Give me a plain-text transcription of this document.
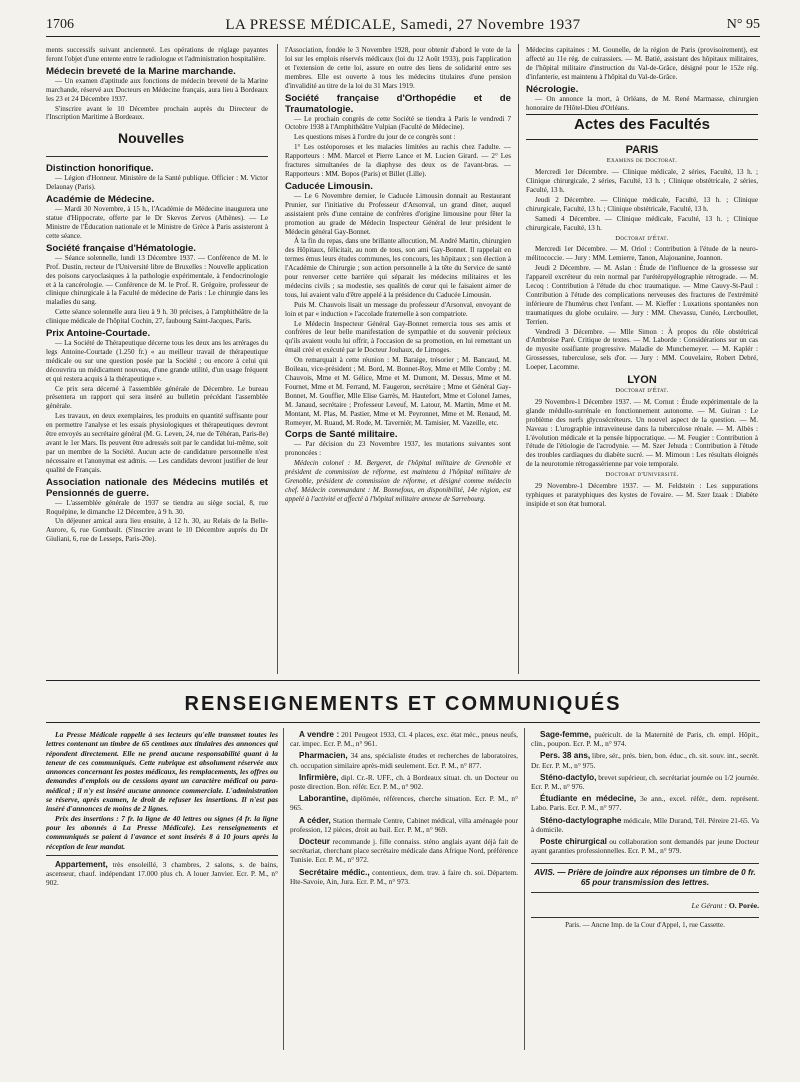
1706	LA PRESSE MÉDICALE, Samedi, 27 Novembre 1937	N° 95

ments successifs suivant ancienneté. Les opérations de réglage payantes feront l'objet d'une entente entre le radiologue et l'administration hospitalière.

Médecin breveté de la Marine marchande.

— Un examen d'aptitude aux fonctions de médecin breveté de la Marine marchande, réservé aux Docteurs en Médecine français, aura lieu à Bordeaux les 23 et 24 Décembre 1937.

S'inscrire avant le 10 Décembre prochain auprès du Directeur de l'Inscription Maritime à Bordeaux.

Nouvelles
Distinction honorifique.

— Légion d'Honneur. Ministère de la Santé publique. Officier : M. Victor Delaunay (Paris).

Académie de Médecine.

— Mardi 30 Novembre, à 15 h., l'Académie de Médecine inaugurera une statue d'Hippocrate, offerte par le Dr Skevos Zervos (Athènes). — Le Ministre de l'Éducation nationale et le Ministre de Grèce à Paris assisteront à cette séance.

Société française d'Hématologie.

— Séance solennelle, lundi 13 Décembre 1937. — Conférence de M. le Prof. Dustin, recteur de l'Université libre de Bruxelles : Nouvelle application des poisons caryoclasiques à la pathologie expérimentale, à l'endocrinologie et à la cancérologie. — Conférence de M. le Prof. R. Grégoire, professeur de clinique chirurgicale à la Faculté de médecine de Paris : Le chirurgie dans les maladies du sang.

Cette séance solennelle aura lieu à 9 h. 30 précises, à l'amphithéâtre de la clinique médicale de l'hôpital Cochin, 27, faubourg Saint-Jacques, Paris.

Prix Antoine-Courtade.

— La Société de Thérapeutique décerne tous les deux ans les arrérages du legs Antoine-Courtade (1.250 fr.) « au meilleur travail de thérapeutique médicale ou sur une question posée par la Société ; ou encore à celui qui découvrira un médicament nouveau, d'une grande utilité, d'un usage fréquent et qui restera acquis à la thérapeutique ».

Ce prix sera décerné à l'assemblée générale de Décembre. Le bureau présentera un rapport qui sera inséré au bulletin précédant l'assemblée générale.

Les travaux, en deux exemplaires, les produits en quantité suffisante pour en permettre l'analyse et les essais physiologiques et thérapeutiques devront être envoyés au secrétaire général (M. G. Leven, 24, rue de Téhéran, Paris-8e) avant le 1er Mars. Ils peuvent être adressés soit par le candidat lui-même, soit par un membre de la Société. Aucun acte de candidature personnelle n'est nécessaire et l'anonymat est admis. — Les candidats devront justifier de leur qualité de Français.

Association nationale des Médecins mutilés et Pensionnés de guerre.

— L'assemblée générale de 1937 se tiendra au siège social, 8, rue Roquépine, le dimanche 12 Décembre, à 9 h. 30.

Un déjeuner amical aura lieu ensuite, à 12 h. 30, au Relais de la Belle-Aurore, 6, rue Gombault. (S'inscrire avant le 10 Décembre auprès du Dr Giuliani, 6, rue de Lesseps, Paris-20e).

l'Association, fondée le 3 Novembre 1928, pour obtenir d'abord le vote de la loi sur les emplois réservés médicaux (loi du 12 Août 1933), puis l'application et l'extension de cette loi, assure en outre des liens de solidarité entre ses membres. Elle est ouverte à tous les médecins titulaires d'une pension d'invalidité au titre de la loi du 31 Mars 1919.

Société française d'Orthopédie et de Traumatologie.

— Le prochain congrès de cette Société se tiendra à Paris le vendredi 7 Octobre 1938 à l'Amphithéâtre Vulpian (Faculté de Médecine).

Les questions mises à l'ordre du jour de ce congrès sont :

1° Les ostéoporoses et les malacies limitées au rachis chez l'adulte. — Rapporteurs : MM. Marcel et Pierre Lance et M. Lucien Girard. — 2° Les fractures simultanées de la diaphyse des deux os de l'avant-bras. — Rapporteurs : MM. Bopos (Paris) et Billet (Lille).

Caducée Limousin.

— Le 6 Novembre dernier, le Caducée Limousin donnait au Restaurant Prunier, sur l'initiative du Professeur d'Arsonval, un grand dîner, auquel assistaient près d'une centaine de confrères d'origine limousine pour fêter la promotion au grade de Médecin Inspecteur Général de leur président le Médecin général Gay-Bonnet.

À la fin du repas, dans une brillante allocution, M. André Martin, chirurgien des Hôpitaux, félicitait, au nom de tous, son ami Gay-Bonnet. Il rappelait en termes émus leurs études communes, les concours, les hôpitaux ; son élection à l'Académie de Chirurgie ; son action personnelle à la tête du Service de santé pour renverser cette barrière qui séparait les médecins militaires et les médecins civils ; sa modestie, ses qualités de cœur qui le faisaient aimer de tous, lui avaient valu d'être appelé à la présidence du Caducée Limousin.

Puis M. Chauvois lisait un message du professeur d'Arsonval, envoyant de loin et par « induction » l'accolade fraternelle à son compatriote.

Le Médecin Inspecteur Général Gay-Bonnet remercia tous ses amis et confrères de leur belle manifestation de sympathie et du souvenir précieux qu'ils avaient voulu lui offrir, à l'occasion de sa promotion, en lui remettant un émail créé et exécuté par le Docteur Jouhaux, de Limoges.

On remarquait à cette réunion : M. Baraige, trésorier ; M. Bancaud, M. Boileau, vice-président ; M. Bord, M. Bonnet-Roy, Mme et Mlle Comby ; M. Chauvois, Mme et M. Gélice, Mme et M. Dumont, M. Dessus, Mme et M. Fournet, Mme et M. Ferrand, M. Faugeron, secrétaire ; Mme et Général Gay-Bonnet, M. Gouffier, Mlle Elise Garrès, M. Hautefort, Mme et Colonel James, M. Janaud, secrétaire ; Professeur Leveuf, M. Latour, M. Martin, Mme et M. Montant, M. Plas, M. Pastier, Mme et M. Peyronnet, Mme et M. Renaud, M. Romeyer, M. Ruaud, M. Rode, M. Taverniér, M. Tamisier, M. Vazeille, etc.

Corps de Santé militaire.

— Par décision du 23 Novembre 1937, les mutations suivantes sont prononcées :

Médecin colonel : M. Bergeret, de l'hôpital militaire de Grenoble et président de commission de réforme, est maintenu à l'hôpital militaire de Grenoble, président de commission de réforme, et désigné comme médecin chef. Médecin commandant : M. Bonnefous, en disponibilité, 14e région, est appelé à l'activité et affecté à l'hôpital militaire annexe de Sarrebourg.

Médecins capitaines : M. Gounelle, de la région de Paris (provisoirement), est affecté au 11e rég. de cuirassiers. — M. Batié, assistant des hôpitaux militaires, de l'hôpital militaire d'instruction du Val-de-Grâce, désigné pour le 152e rég. d'infanterie, est maintenu à l'hôpital du Val-de-Grâce.

Nécrologie.

— On annonce la mort, à Orléans, de M. René Marmasse, chirurgien honoraire de l'Hôtel-Dieu d'Orléans.

Actes des Facultés
PARIS
Examens de Doctorat.

Mercredi 1er Décembre. — Clinique médicale, 2 séries, Faculté, 13 h. ; Clinique chirurgicale, 2 séries, Faculté, 13 h. ; Clinique obstétricale, 2 séries, Faculté, 13 h.

Jeudi 2 Décembre. — Clinique médicale, Faculté, 13 h. ; Clinique chirurgicale, Faculté, 13 h. ; Clinique obstétricale, Faculté, 13 h.

Samedi 4 Décembre. — Clinique médicale, Faculté, 13 h. ; Clinique chirurgicale, Faculté, 13 h.

Doctorat d'État.

Mercredi 1er Décembre. — M. Oriol : Contribution à l'étude de la neuro-mélitococcie. — Jury : MM. Lemierre, Tanon, Alajouanine, Joannon.

Jeudi 2 Décembre. — M. Aslan : Étude de l'influence de la grossesse sur l'appareil excréteur du rein normal par l'urétéropyélographie rétrograde. — M. Lecoq : Contribution à l'étude du choc traumatique. — Mme Cauvy-St-Paul : Contribution à l'étude des complications nerveuses des fractures de l'extrémité inférieure de l'humérus chez l'enfant. — M. Kieffer : Luxations spontanées non traumatiques du globe oculaire. — Jury : MM. Chevassu, Cunéo, Lercboullet, Terrien.

Vendredi 3 Décembre. — Mlle Simon : À propos du rôle obstétrical d'Ambroise Paré. Critique de textes. — M. Laborde : Considérations sur un cas de myosite ossifiante progressive. Maladie de Munchemeyer. — M. Kaplér : Grossesses, tuberculose, sels d'or. — Jury : MM. Couvelaire, Robert Debré, Loeper, Lacomme.

LYON
Doctorat d'État.

29 Novembre-1 Décembre 1937. — M. Cornut : Étude expérimentale de la glande médullo-surrénale en fonctionnement autonome. — M. Guiran : Le problème des nerfs glycosécréteurs. Un nouvel aspect de la question. — M. Naveau : L'urographie intraveineuse dans la tuberculose rénale. — M. Albès : L'évolution médicale et la pensée hippocratique. — M. Feugier : Contribution à l'étude de l'étiologie de l'acrodynie. — M. Szer Jehuda : Contribution à l'étude des troubles cardiaques du diabète sucré. — M. Mimoun : Les résultats éloignés de la neurotomie rétrogassérienne par voie temporale.

Doctorat d'Université.

29 Novembre-1 Décembre 1937. — M. Feldstein : Les suppurations typhiques et paratyphiques des kystes de l'ovaire. — M. Szer Izaak : Diabète insipide et son état humoral.

RENSEIGNEMENTS ET COMMUNIQUÉS

La Presse Médicale rappelle à ses lecteurs qu'elle transmet toutes les lettres contenant un timbre de 65 centimes aux titulaires des annonces qui répondent directement. Elle ne prend aucune responsabilité quant à la teneur de ces communiqués. Cette rubrique est absolument réservée aux annonces concernant les postes médicaux, les remplacements, les offres ou demandes d'emplois ou de cessions ayant un caractère médical ou para-médical ; il n'y est inséré aucune annonce commerciale. L'administration se réserve, après examen, le droit de refuser les insertions. Il n'est pas inséré d'annonces de moins de 2 lignes.

Prix des insertions : 7 fr. la ligne de 40 lettres ou signes (4 fr. la ligne pour les abonnés à La Presse Médicale). Les renseignements et communiqués se paient à l'avance et sont insérés 8 à 10 jours après la réception de leur mandat.

Appartement, très ensoleillé, 3 chambres, 2 salons, s. de bains, ascenseur, chauf. indépendant 17.000 plus ch. A louer Janvier. Ecr. P. M., n° 902.

A vendre : 201 Peugeot 1933, Cl. 4 places, exc. état méc., pneus neufs, car. impec. Ecr. P. M., n° 961.

Pharmacien, 34 ans, spécialiste études et recherches de laboratoires, ch. occupation similaire après-midi seulement. Ecr. P. M., n° 877.

Infirmière, dipl. Cr.-R. UFF., ch. à Bordeaux situat. ch. un Docteur ou poste direction. Bon. référ. Ecr. P. M., n° 902.

Laborantine, diplômée, références, cherche situation. Ecr. P. M., n° 965.

A céder, Station thermale Centre, Cabinet médical, villa aménagée pour profession, 12 pièces, droit au bail. Ecr. P. M., n° 969.

Docteur recommande j. fille connaiss. sténo anglais ayant déjà fait de secrétariat, cherchant place secrétaire médicale dans Afrique Nord, préférence Tunisie. Ecr. P. M., n° 972.

Secrétaire médic., contentieux, dem. trav. à faire ch. soi. Départem. Hte-Savoie, Ain, Jura. Ecr. P. M., n° 973.

Sage-femme, puéricult. de la Maternité de Paris, ch. empl. Hôpit., clin., poupon. Ecr. P. M., n° 974.

Pers. 38 ans, libre, sér., prés. bien, bon. éduc., ch. sit. souv. int., secrét. Dr. Ecr. P. M., n° 975.

Sténo-dactylo, brevet supérieur, ch. secrétariat journée ou 1/2 journée. Ecr. P. M., n° 976.

Étudiante en médecine, 3e ann., excel. référ., dem. représent. Labo. Paris. Ecr. P. M., n° 977.

Sténo-dactylographe médicale, Mlle Durand, Tél. Péreire 21-65. Va à domicile.

Poste chirurgical ou collaboration sont demandés par jeune Docteur ayant garanties professionnelles. Ecr. P. M., n° 979.

AVIS. — Prière de joindre aux réponses un timbre de 0 fr. 65 pour transmission des lettres.
Le Gérant : O. Porée.
Paris. — Ancne Imp. de la Cour d'Appel, 1, rue Cassette.
